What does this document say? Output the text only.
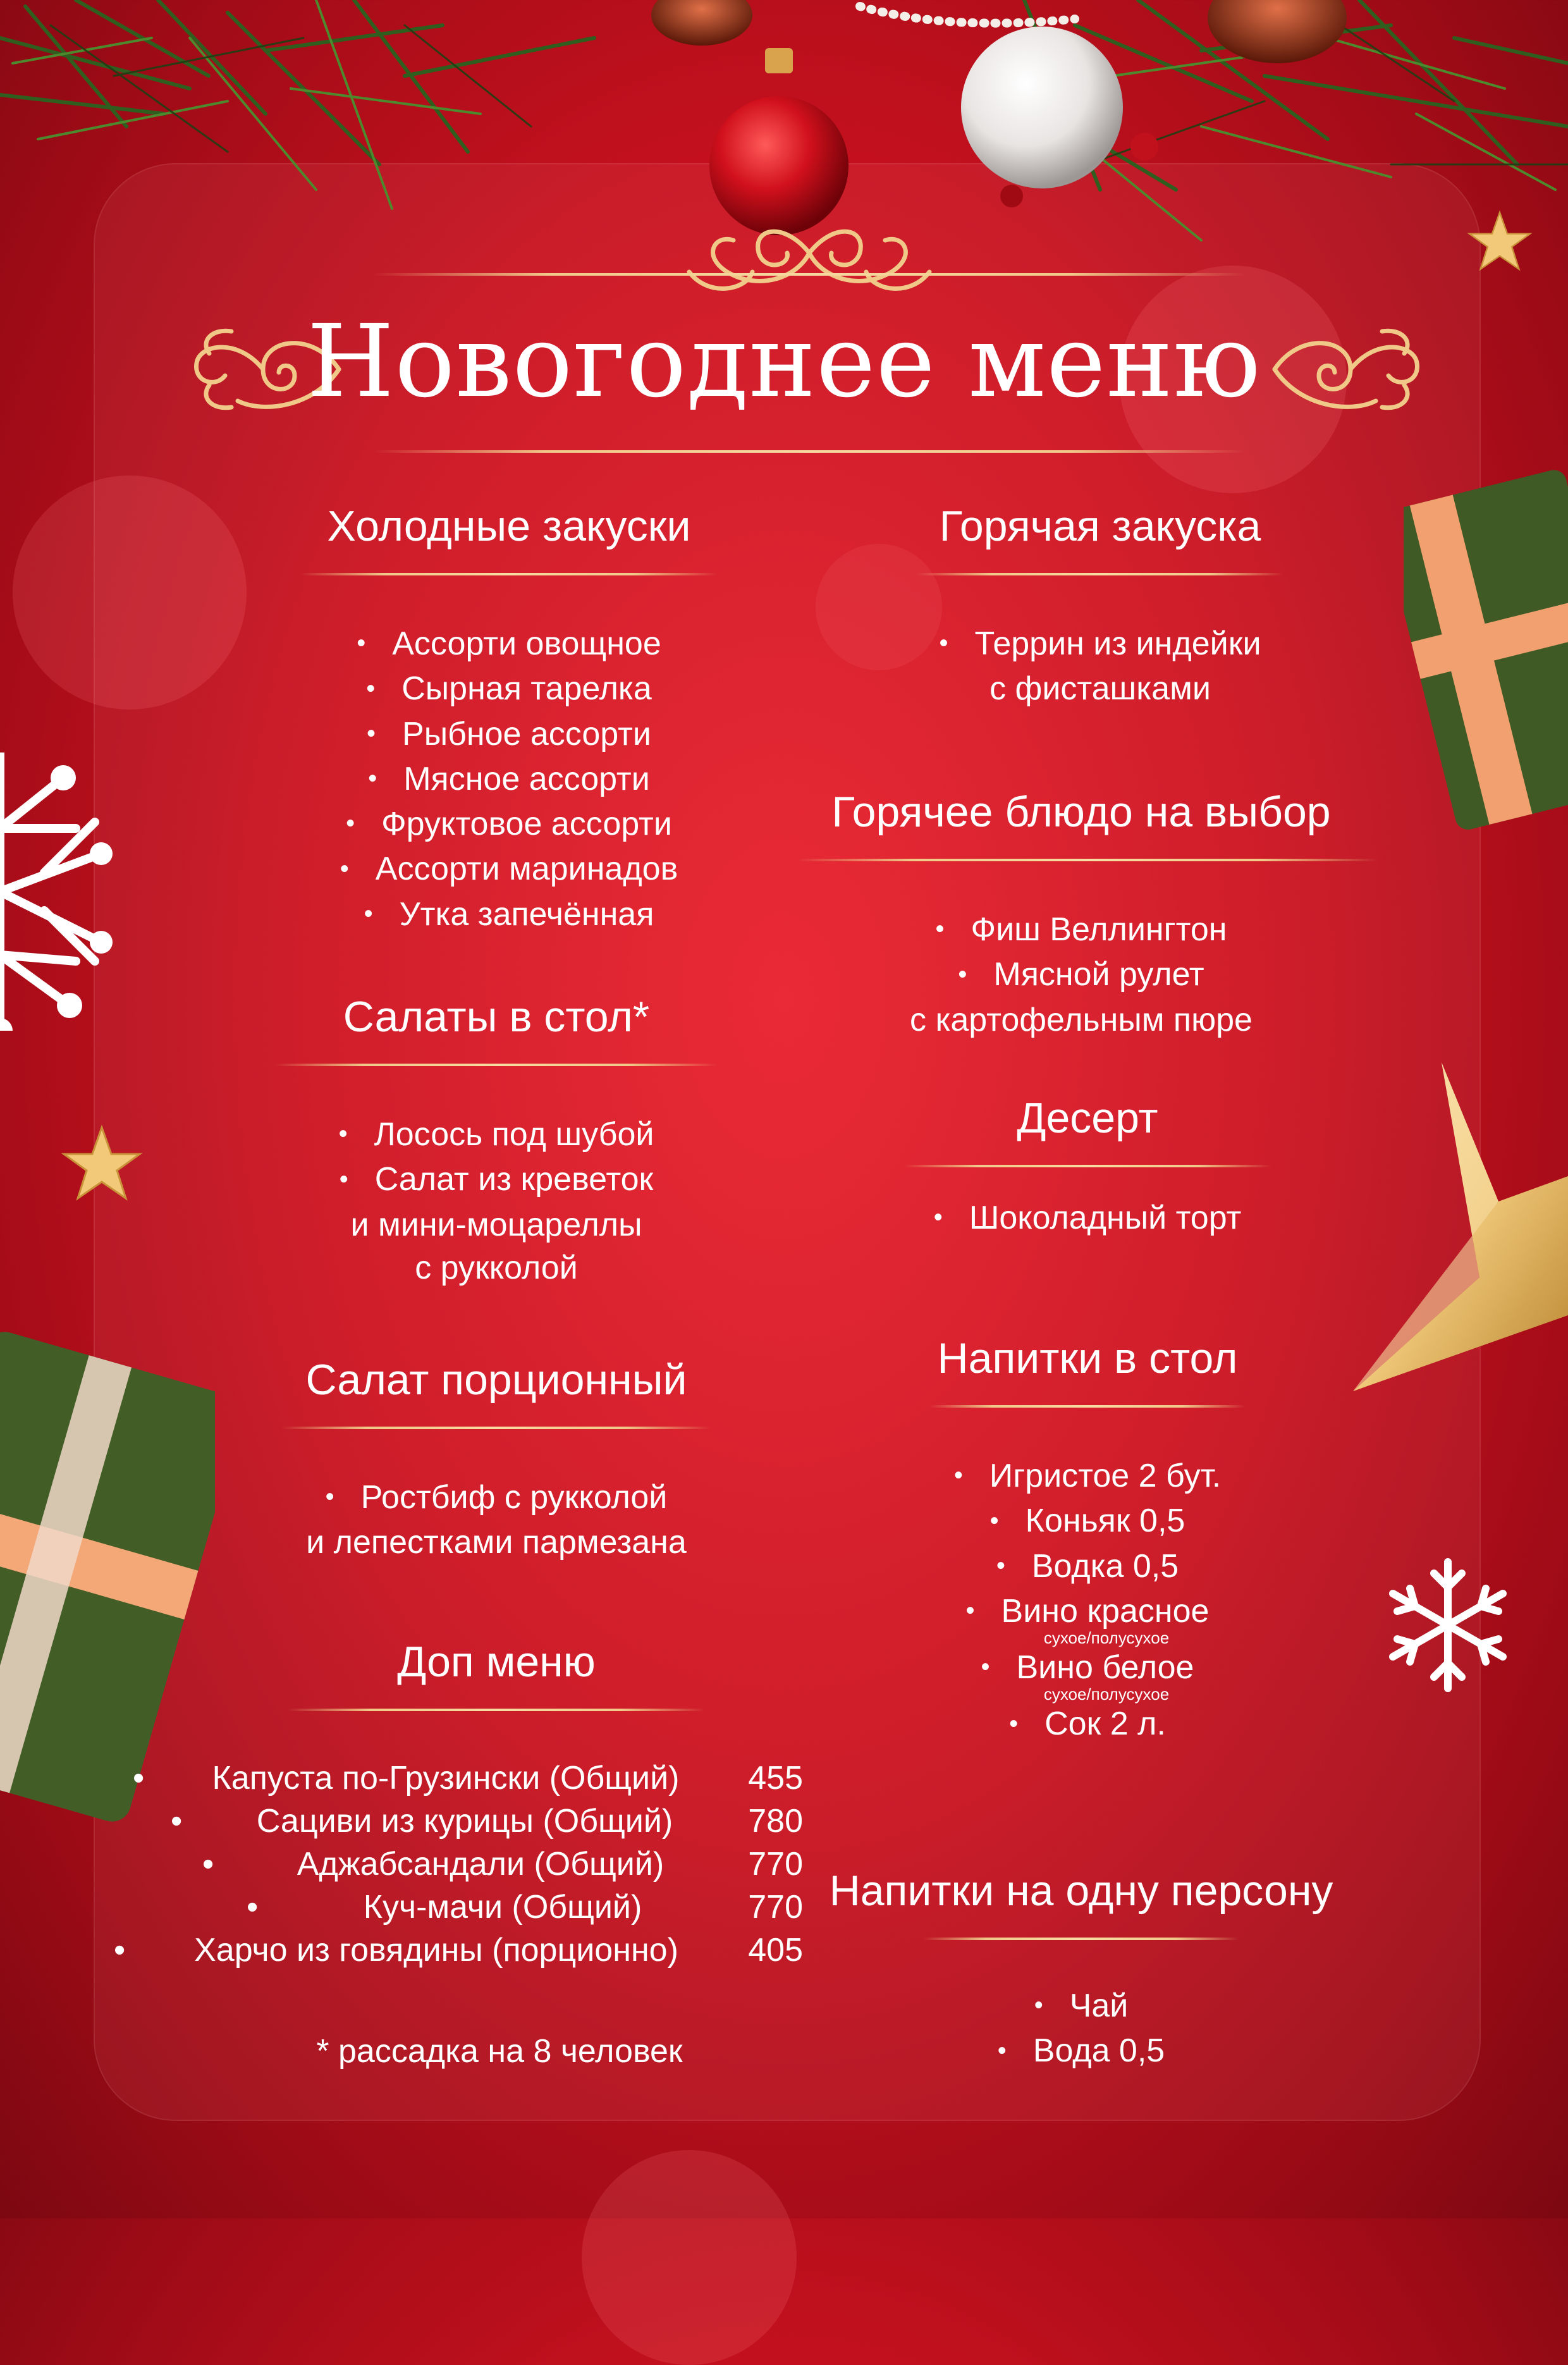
Новогоднее меню
Холодные закуски
• Ассорти овощное
• Сырная тарелка
• Рыбное ассорти
• Мясное ассорти
• Фруктовое ассорти
• Ассорти маринадов
• Утка запечённая
Салаты в стол*
• Лосось под шубой
• Салат из креветок
и мини-моцареллы
с рукколой
Салат порционный
• Ростбиф с рукколой
и лепестками пармезана
Доп меню
•	Капуста по-Грузински (Общий)	455
•	Сациви из курицы (Общий)	780
•	Аджабсандали (Общий)	770
•	Куч-мачи (Общий)	770
•	Харчо из говядины (порционно)	405
* рассадка на 8 человек
Горячая закуска
• Террин из индейки
с фисташками
Горячее блюдо на выбор
• Фиш Веллингтон
• Мясной рулет
с картофельным пюре
Десерт
• Шоколадный торт
Напитки в стол
• Игристое 2 бут.
• Коньяк 0,5
• Водка 0,5
• Вино красное
сухое/полусухое
• Вино белое
сухое/полусухое
• Сок 2 л.
Напитки на одну персону
• Чай
• Вода 0,5
